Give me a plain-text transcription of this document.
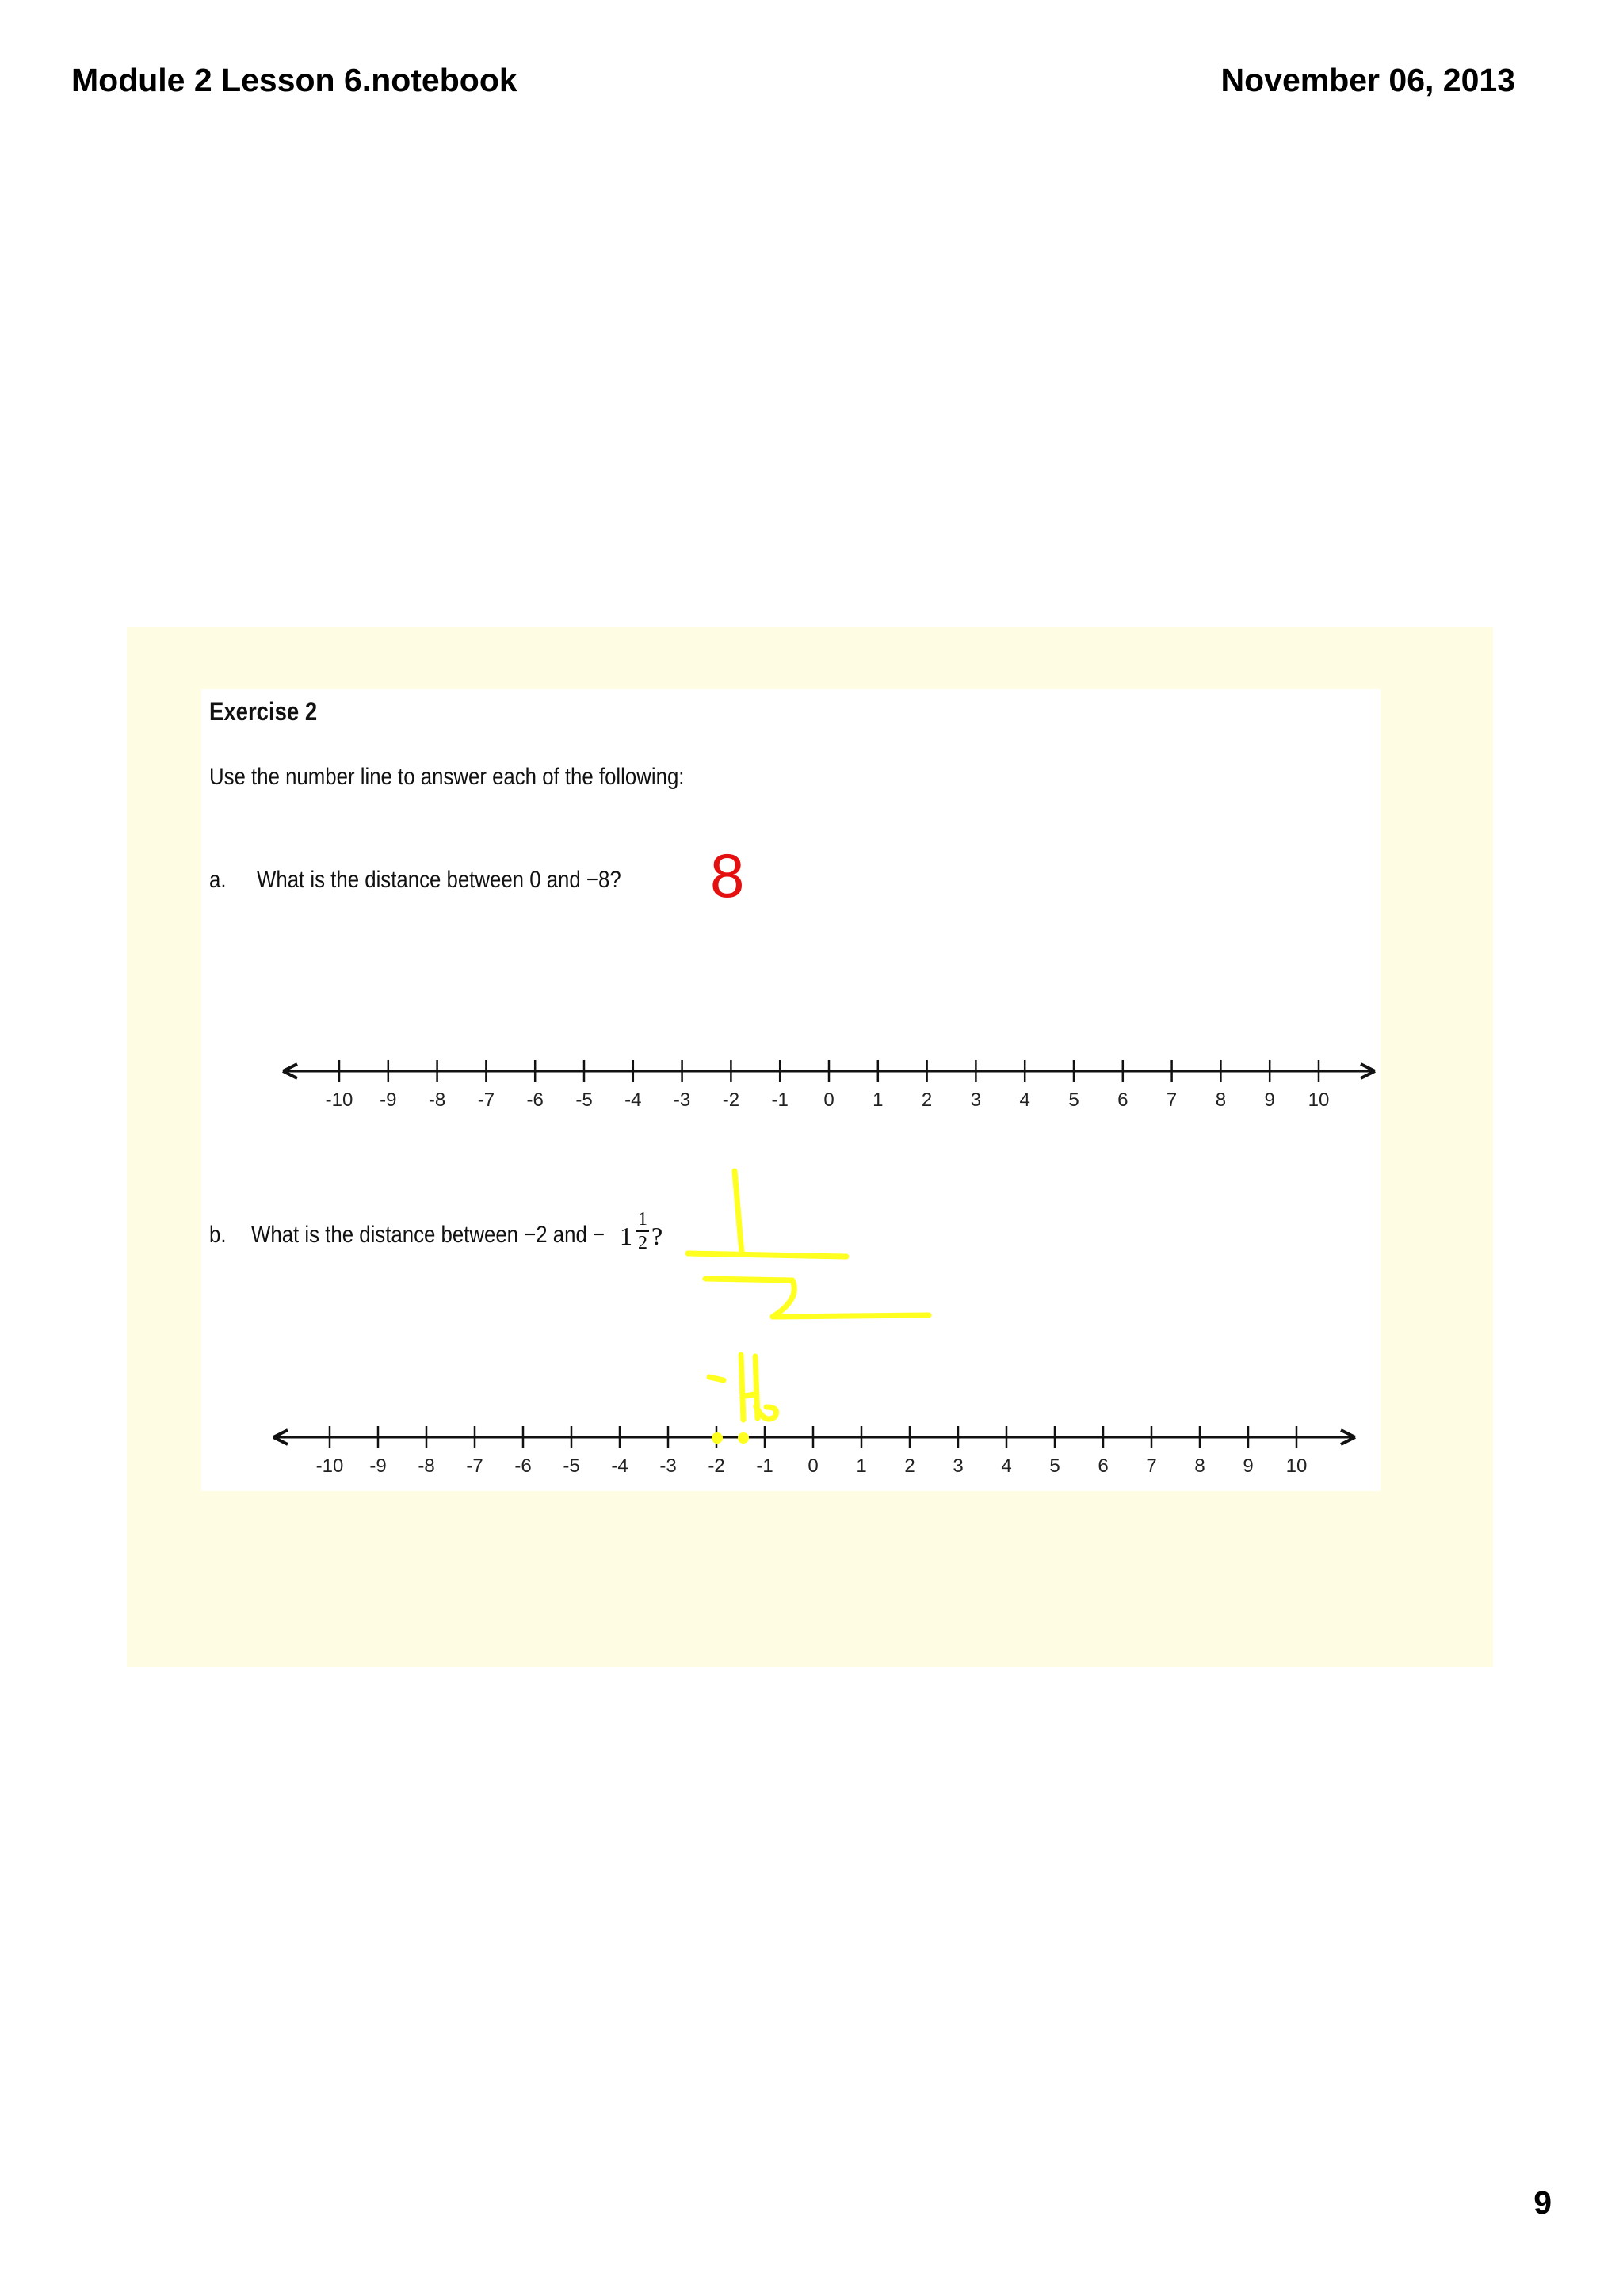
Module 2 Lesson 6.notebook	November 06, 2013
Exercise 2
Use the number line to answer each of the following:
a. What is the distance between 0 and −8? 8
b. What is the distance between −2 and − 1
1
2 ?
-10 -9 -8 -7 -6 -5 -4 -3 -2 -1 0 1 2 3 4 5 6 7 8 9 10
-10 -9 -8 -7 -6 -5 -4 -3 -2 -1 0 1 2 3 4 5 6 7 8 9 10
9
